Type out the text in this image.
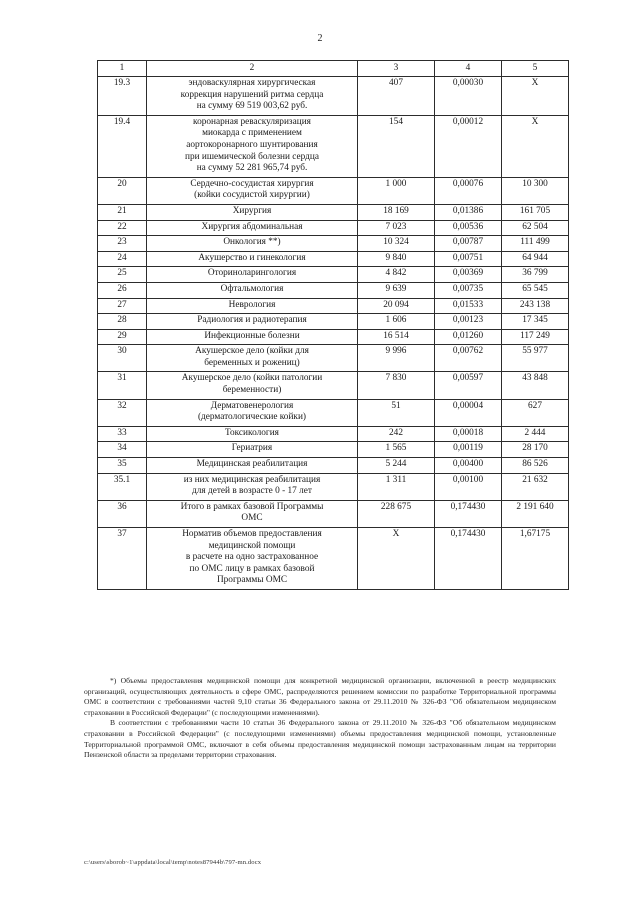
2
1	2	3	4	5
19.3	эндоваскулярная хирургическая
коррекция нарушений ритма сердца
на сумму 69 519 003,62 руб.	407	0,00030	X
19.4	коронарная реваскуляризация
миокарда с применением
аортокоронарного шунтирования
при ишемической болезни сердца
на сумму 52 281 965,74 руб.	154	0,00012	X
20	Сердечно-сосудистая хирургия
(койки сосудистой хирургии)	1 000	0,00076	10 300
21	Хирургия	18 169	0,01386	161 705
22	Хирургия абдоминальная	7 023	0,00536	62 504
23	Онкология **)	10 324	0,00787	111 499
24	Акушерство и гинекология	9 840	0,00751	64 944
25	Оториноларингология	4 842	0,00369	36 799
26	Офтальмология	9 639	0,00735	65 545
27	Неврология	20 094	0,01533	243 138
28	Радиология и радиотерапия	1 606	0,00123	17 345
29	Инфекционные болезни	16 514	0,01260	117 249
30	Акушерское дело (койки для
беременных и рожениц)	9 996	0,00762	55 977
31	Акушерское дело (койки патологии
беременности)	7 830	0,00597	43 848
32	Дерматовенерология
(дерматологические койки)	51	0,00004	627
33	Токсикология	242	0,00018	2 444
34	Гериатрия	1 565	0,00119	28 170
35	Медицинская реабилитация	5 244	0,00400	86 526
35.1	из них медицинская реабилитация
для детей в возрасте 0 - 17 лет	1 311	0,00100	21 632
36	Итого в рамках базовой Программы
ОМС	228 675	0,174430	2 191 640
37	Норматив объемов предоставления
медицинской помощи
в расчете на одно застрахованное
по ОМС лицу в рамках базовой
Программы ОМС	X	0,174430	1,67175

*) Объемы предоставления медицинской помощи для конкретной медицинской организации, включенной в реестр медицинских организаций, осуществляющих деятельность в сфере ОМС, распределяются решением комиссии по разработке Территориальной программы ОМС в соответствии с требованиями частей 9,10 статьи 36 Федерального закона от 29.11.2010 № 326-ФЗ "Об обязательном медицинском страховании в Российской Федерации" (с последующими изменениями).

В соответствии с требованиями части 10 статьи 36 Федерального закона от 29.11.2010 № 326-ФЗ "Об обязательном медицинском страховании в Российской Федерации" (с последующими изменениями) объемы предоставления медицинской помощи, установленные Территориальной программой ОМС, включают в себя объемы предоставления медицинской помощи застрахованным лицам на территории Пензенской области за пределами территории страхования.

c:\users\sborob~1\appdata\local\temp\notes87944b\797-mn.docx
